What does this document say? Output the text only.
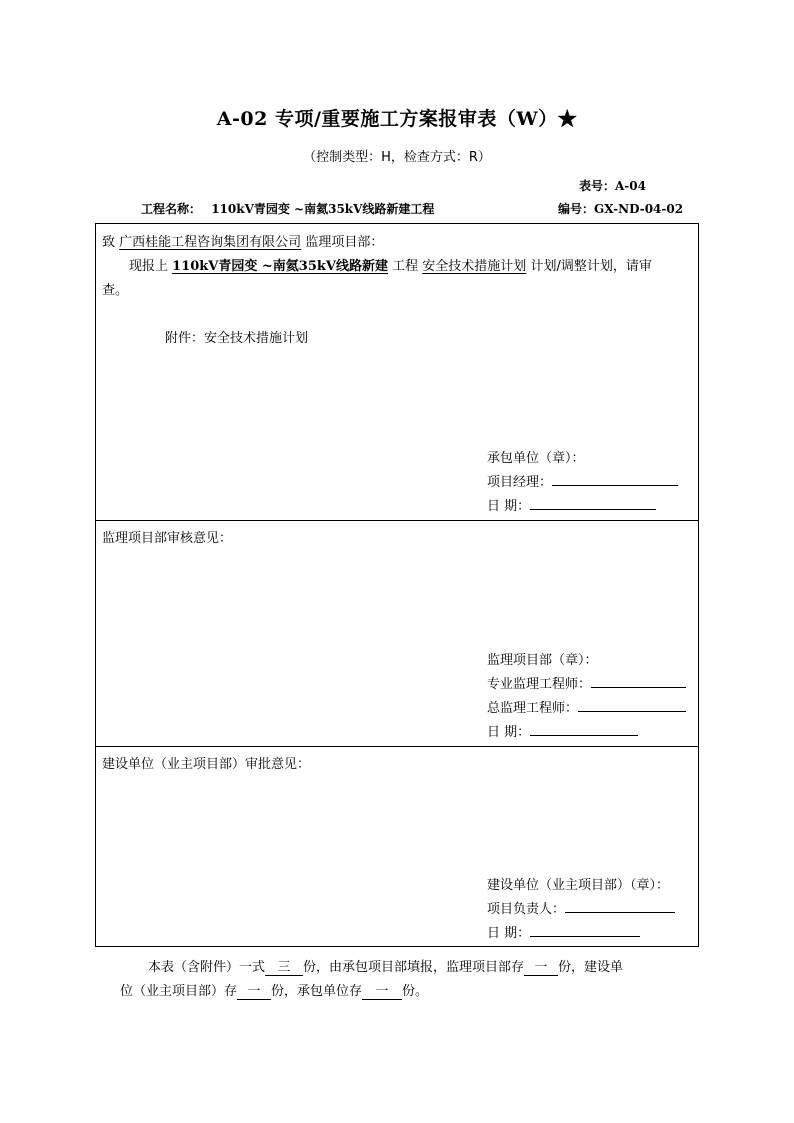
A-02 专项/重要施工方案报审表（W）★
（控制类型：H，检查方式：R）
表号：A-04
工程名称： 110kV青园变 ~南氦35kV线路新建工程	编号：GX-ND-04-02
致 广西桂能工程咨询集团有限公司 监理项目部：
现报上 110kV青园变 ~南氦35kV线路新建 工程 安全技术措施计划 计划/调整计划，请审
查。
附件：安全技术措施计划
承包单位（章）：
项目经理：
日 期：
监理项目部审核意见：
监理项目部（章）：
专业监理工程师：
总监理工程师：
日 期：
建设单位（业主项目部）审批意见：
建设单位（业主项目部）（章）：
项目负责人：
日 期：
本表（含附件）一式 三 份，由承包项目部填报，监理项目部存 一 份，建设单
位（业主项目部）存 一 份，承包单位存 一 份。
